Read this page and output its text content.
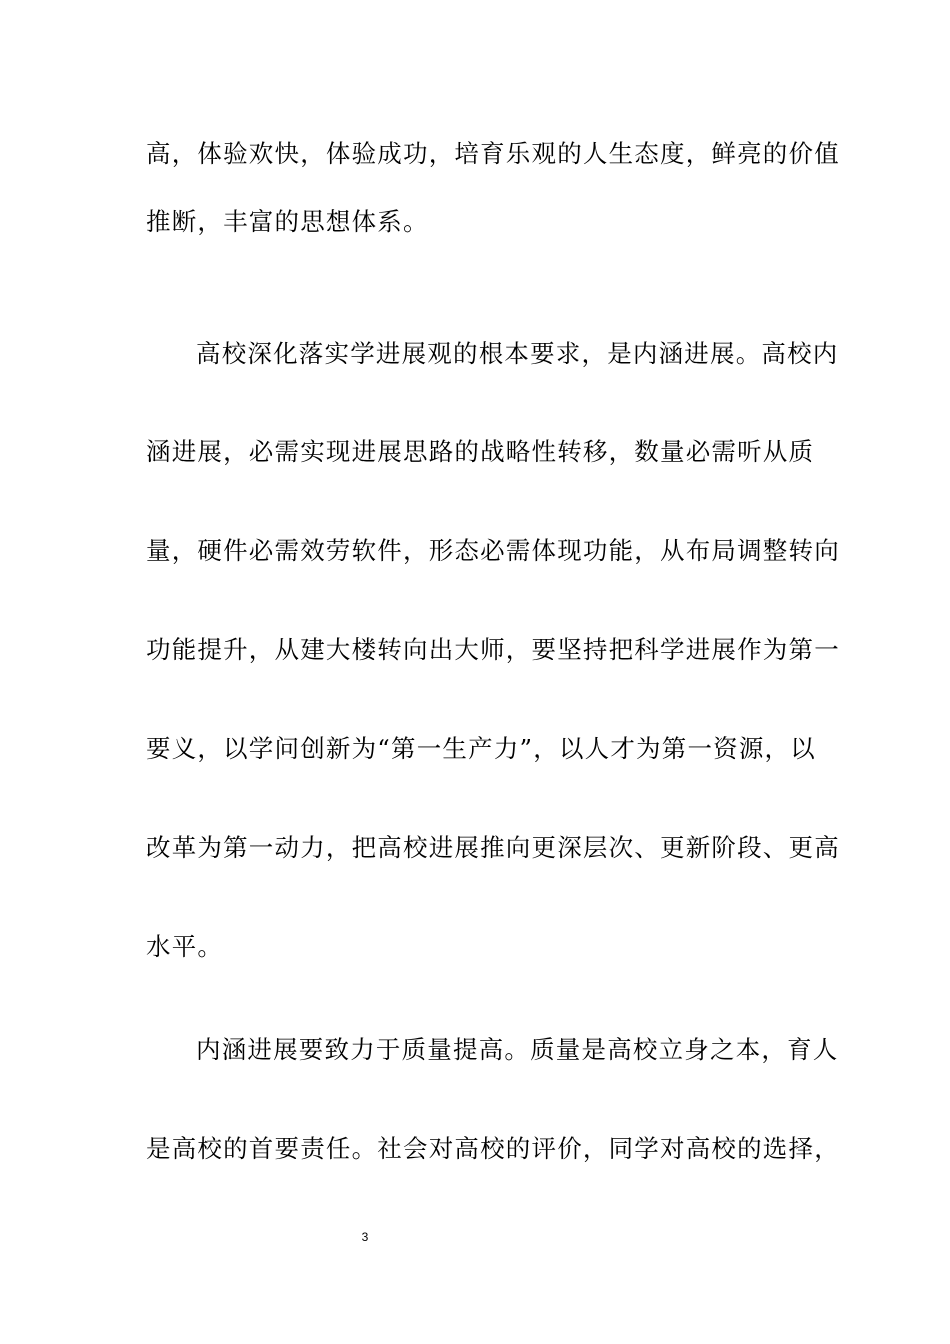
高，体验欢快，体验成功，培育乐观的人生态度，鲜亮的价值
推断，丰富的思想体系。
高校深化落实学进展观的根本要求，是内涵进展。高校内
涵进展，必需实现进展思路的战略性转移，数量必需听从质
量，硬件必需效劳软件，形态必需体现功能，从布局调整转向
功能提升，从建大楼转向出大师，要坚持把科学进展作为第一
要义，以学问创新为“第一生产力”，以人才为第一资源，以
改革为第一动力，把高校进展推向更深层次、更新阶段、更高
水平。
内涵进展要致力于质量提高。质量是高校立身之本，育人
是高校的首要责任。社会对高校的评价，同学对高校的选择，
3
